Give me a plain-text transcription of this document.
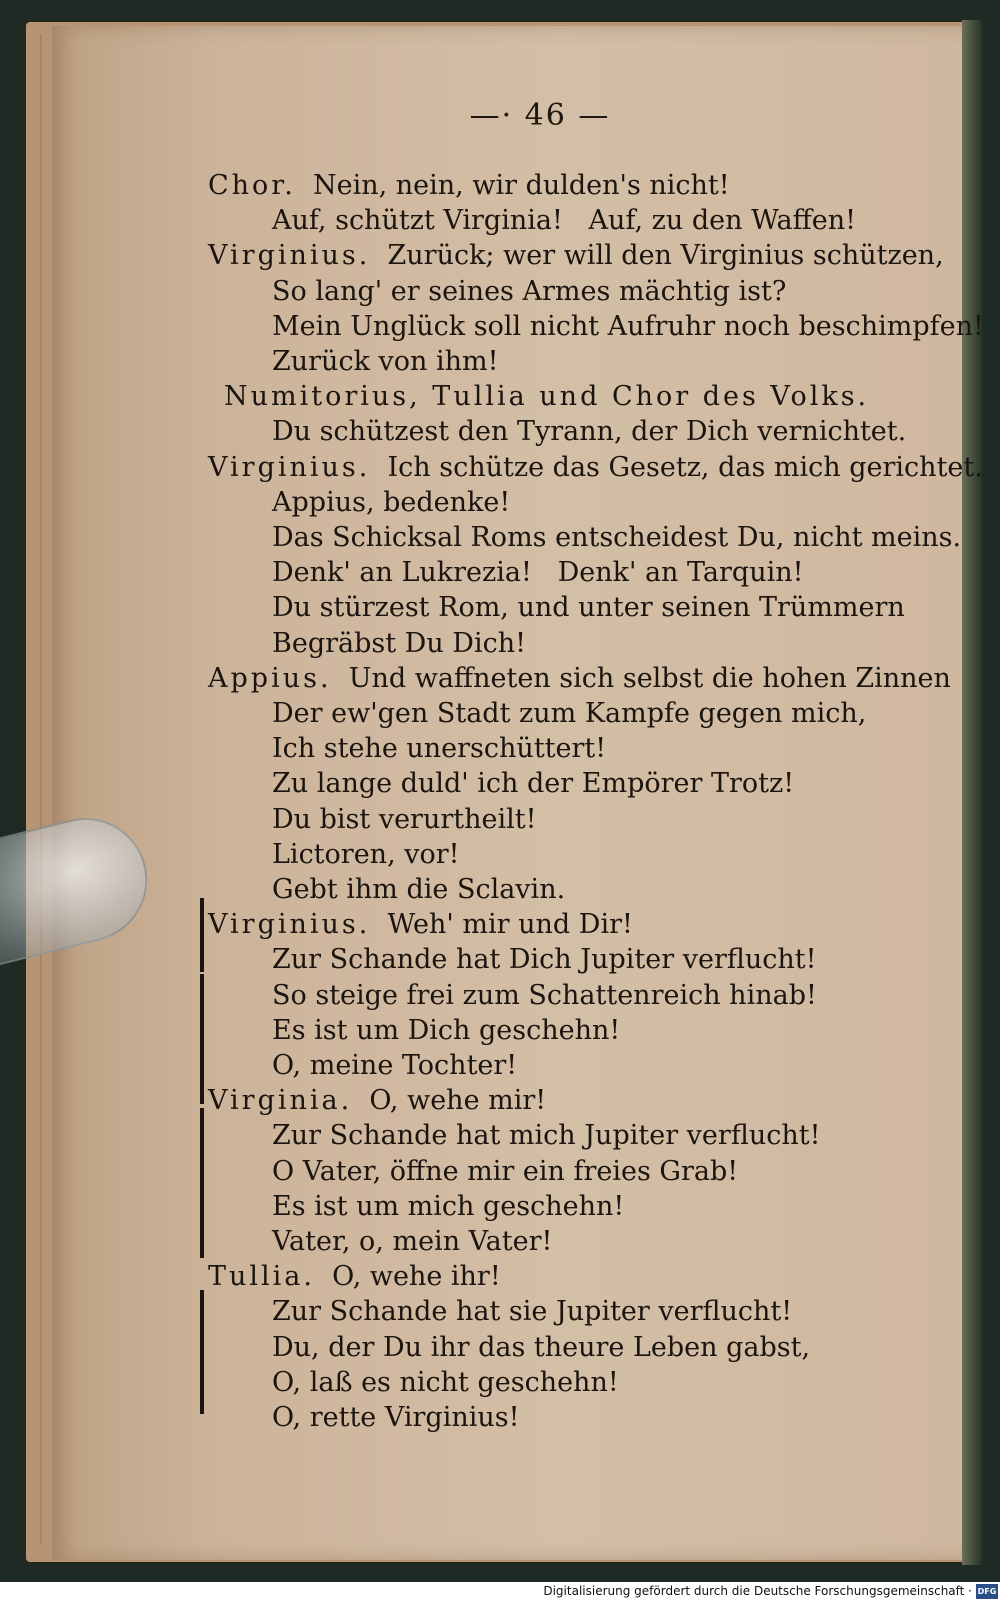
—· 46 —
Chor.  Nein, nein, wir dulden's nicht!
Auf, schützt Virginia!   Auf, zu den Waffen!
Virginius.  Zurück; wer will den Virginius schützen,
So lang' er seines Armes mächtig ist?
Mein Unglück soll nicht Aufruhr noch beschimpfen!
Zurück von ihm!
Numitorius, Tullia und Chor des Volks.
Du schützest den Tyrann, der Dich vernichtet.
Virginius.  Ich schütze das Gesetz, das mich gerichtet.
Appius, bedenke!
Das Schicksal Roms entscheidest Du, nicht meins.
Denk' an Lukrezia!   Denk' an Tarquin!
Du stürzest Rom, und unter seinen Trümmern
Begräbst Du Dich!
Appius.  Und waffneten sich selbst die hohen Zinnen
Der ew'gen Stadt zum Kampfe gegen mich,
Ich stehe unerschüttert!
Zu lange duld' ich der Empörer Trotz!
Du bist verurtheilt!
Lictoren, vor!
Gebt ihm die Sclavin.
Virginius.  Weh' mir und Dir!
Zur Schande hat Dich Jupiter verflucht!
So steige frei zum Schattenreich hinab!
Es ist um Dich geschehn!
O, meine Tochter!
Virginia.  O, wehe mir!
Zur Schande hat mich Jupiter verflucht!
O Vater, öffne mir ein freies Grab!
Es ist um mich geschehn!
Vater, o, mein Vater!
Tullia.  O, wehe ihr!
Zur Schande hat sie Jupiter verflucht!
Du, der Du ihr das theure Leben gabst,
O, laß es nicht geschehn!
O, rette Virginius!
Digitalisierung gefördert durch die Deutsche Forschungsgemeinschaft · DFG
